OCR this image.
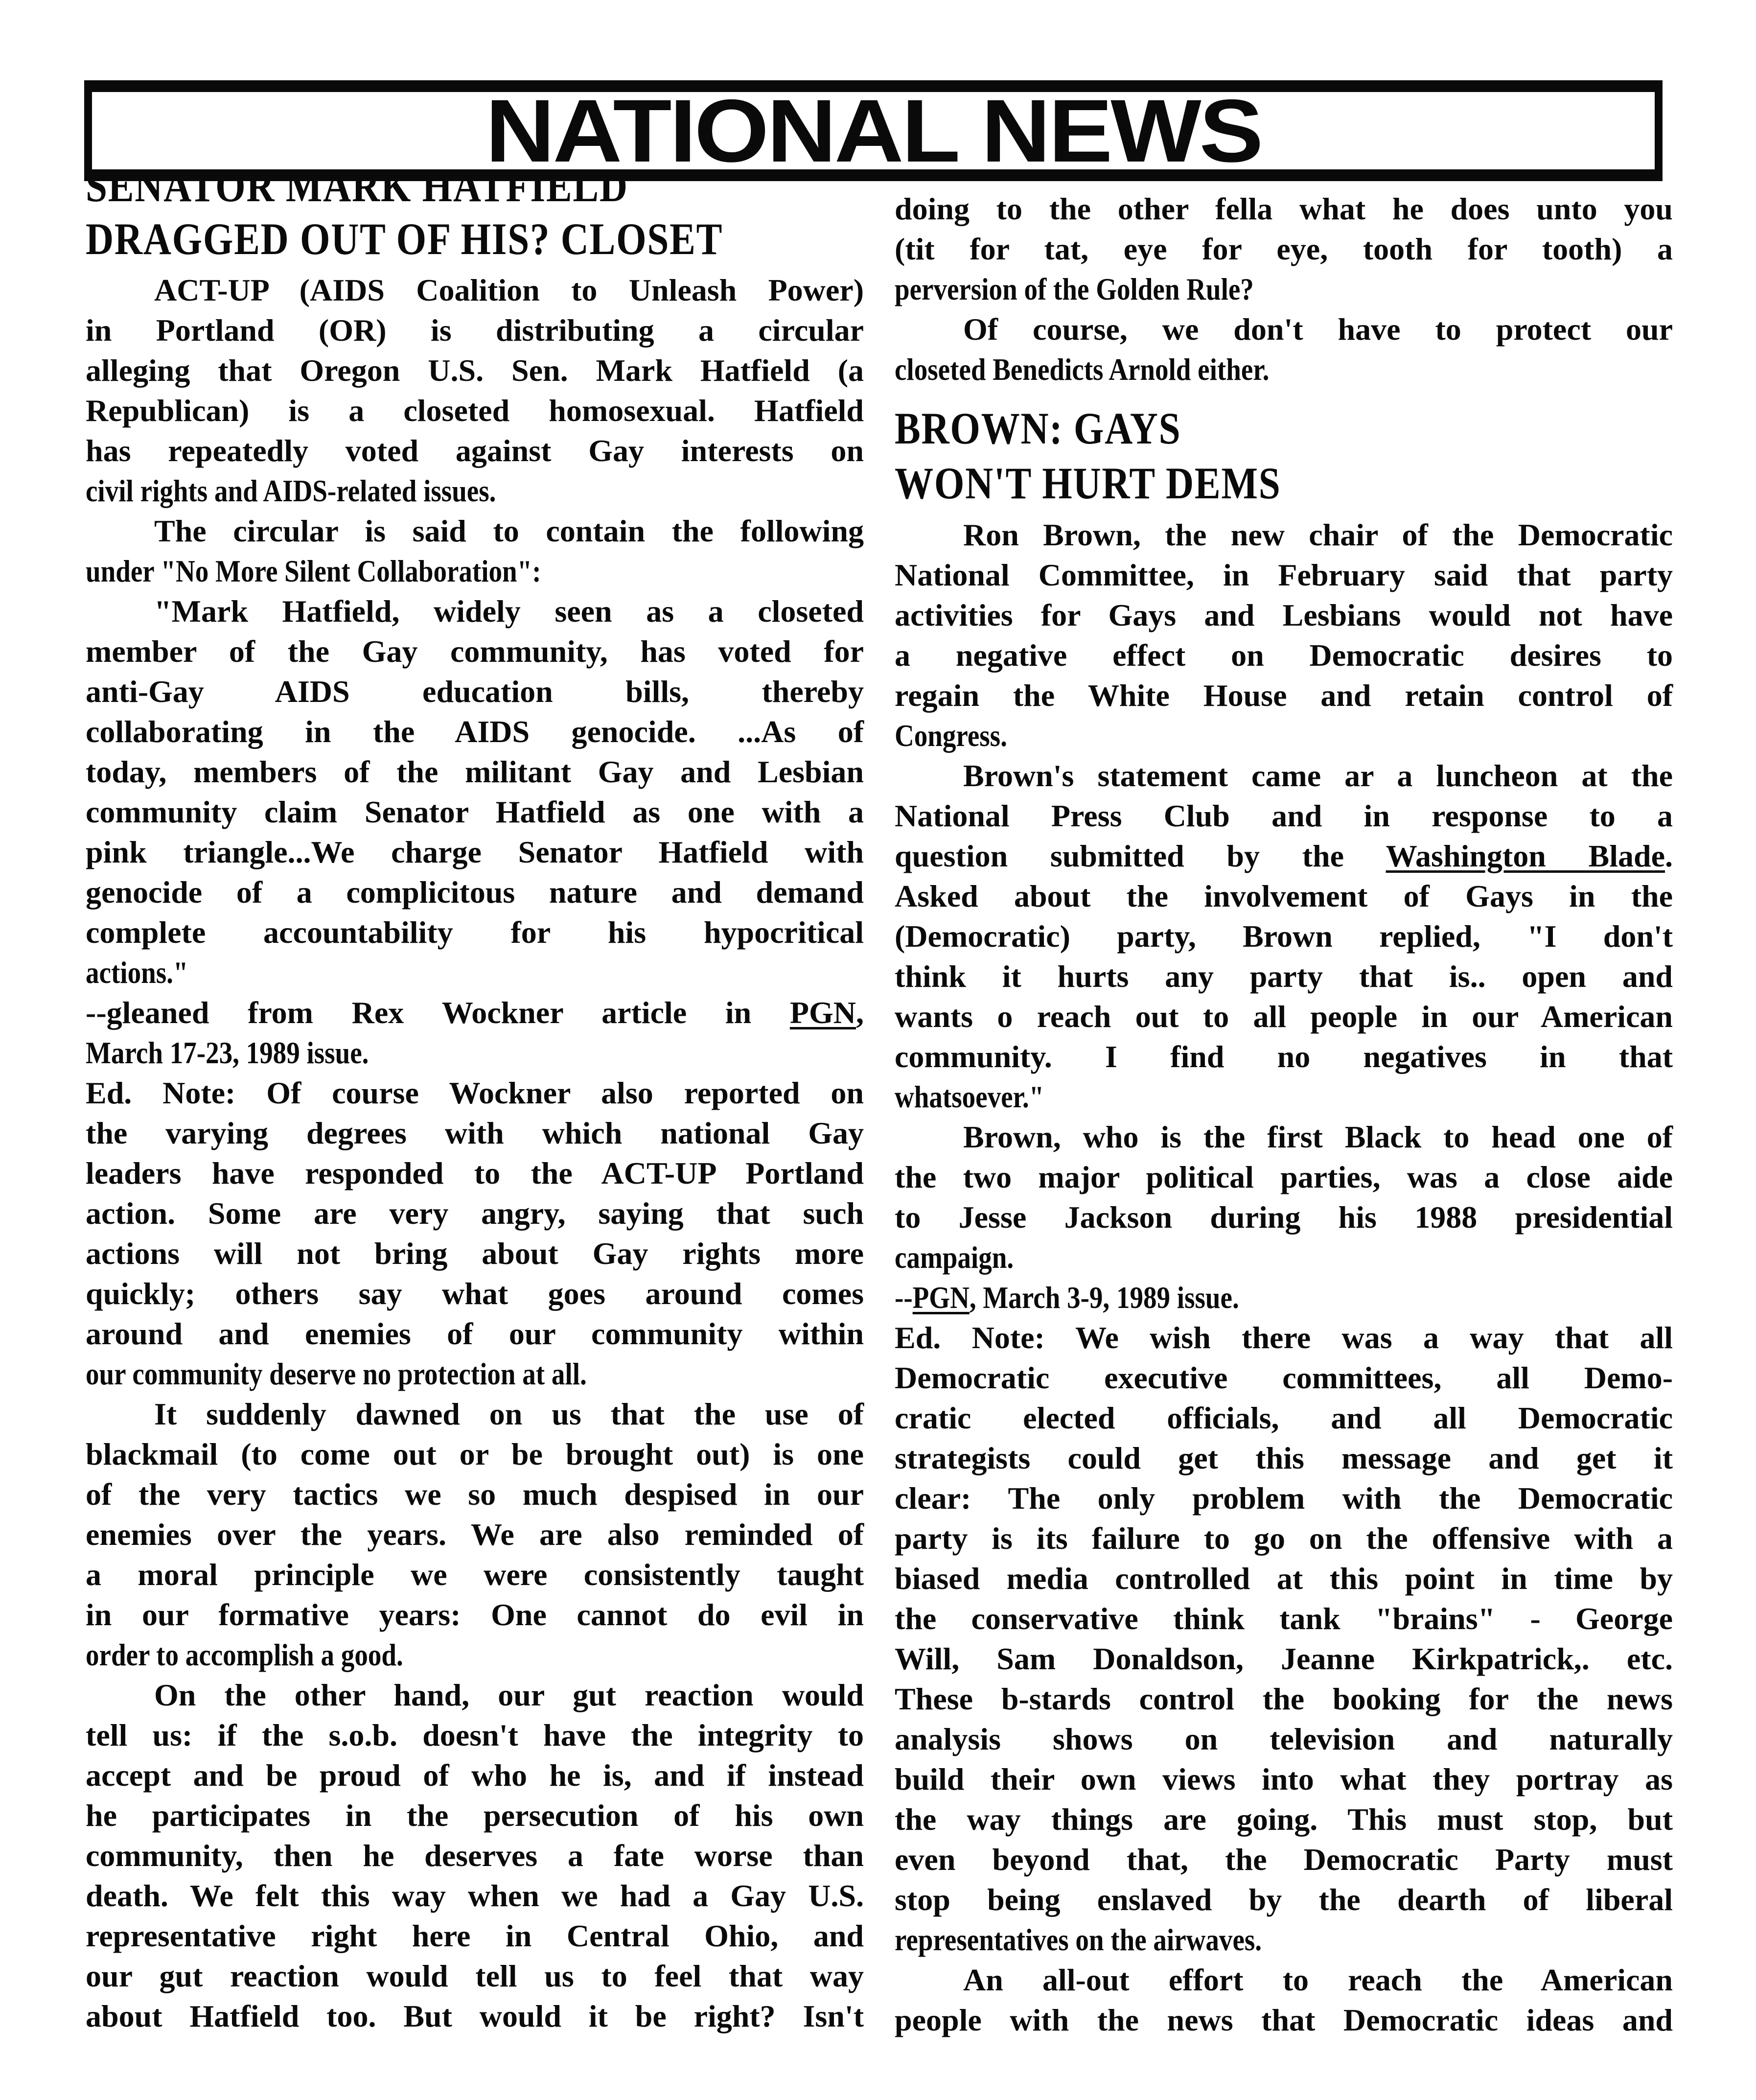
NATIONAL NEWS
SENATOR MARK HATFIELD
DRAGGED OUT OF HIS? CLOSET
ACT-UP (AIDS Coalition to Unleash Power)
in Portland (OR) is distributing a circular
alleging that Oregon U.S. Sen. Mark Hatfield (a
Republican) is a closeted homosexual. Hatfield
has repeatedly voted against Gay interests on
civil rights and AIDS-related issues.
The circular is said to contain the following
under "No More Silent Collaboration":
"Mark Hatfield, widely seen as a closeted
member of the Gay community, has voted for
anti-Gay AIDS education bills, thereby
collaborating in the AIDS genocide. ...As of
today, members of the militant Gay and Lesbian
community claim Senator Hatfield as one with a
pink triangle...We charge Senator Hatfield with
genocide of a complicitous nature and demand
complete accountability for his hypocritical
actions."
--gleaned from Rex Wockner article in PGN,
March 17-23, 1989 issue.
Ed. Note: Of course Wockner also reported on
the varying degrees with which national Gay
leaders have responded to the ACT-UP Portland
action. Some are very angry, saying that such
actions will not bring about Gay rights more
quickly; others say what goes around comes
around and enemies of our community within
our community deserve no protection at all.
It suddenly dawned on us that the use of
blackmail (to come out or be brought out) is one
of the very tactics we so much despised in our
enemies over the years. We are also reminded of
a moral principle we were consistently taught
in our formative years: One cannot do evil in
order to accomplish a good.
On the other hand, our gut reaction would
tell us: if the s.o.b. doesn't have the integrity to
accept and be proud of who he is, and if instead
he participates in the persecution of his own
community, then he deserves a fate worse than
death. We felt this way when we had a Gay U.S.
representative right here in Central Ohio, and
our gut reaction would tell us to feel that way
about Hatfield too. But would it be right? Isn't
doing to the other fella what he does unto you
(tit for tat, eye for eye, tooth for tooth) a
perversion of the Golden Rule?
Of course, we don't have to protect our
closeted Benedicts Arnold either.
BROWN: GAYS
WON'T HURT DEMS
Ron Brown, the new chair of the Democratic
National Committee, in February said that party
activities for Gays and Lesbians would not have
a negative effect on Democratic desires to
regain the White House and retain control of
Congress.
Brown's statement came ar a luncheon at the
National Press Club and in response to a
question submitted by the Washington Blade.
Asked about the involvement of Gays in the
(Democratic) party, Brown replied, "I don't
think it hurts any party that is.. open and
wants o reach out to all people in our American
community. I find no negatives in that
whatsoever."
Brown, who is the first Black to head one of
the two major political parties, was a close aide
to Jesse Jackson during his 1988 presidential
campaign.
--PGN, March 3-9, 1989 issue.
Ed. Note: We wish there was a way that all
Democratic executive committees, all Demo-
cratic elected officials, and all Democratic
strategists could get this message and get it
clear: The only problem with the Democratic
party is its failure to go on the offensive with a
biased media controlled at this point in time by
the conservative think tank "brains" - George
Will, Sam Donaldson, Jeanne Kirkpatrick,. etc.
These b-stards control the booking for the news
analysis shows on television and naturally
build their own views into what they portray as
the way things are going. This must stop, but
even beyond that, the Democratic Party must
stop being enslaved by the dearth of liberal
representatives on the airwaves.
An all-out effort to reach the American
people with the news that Democratic ideas and
